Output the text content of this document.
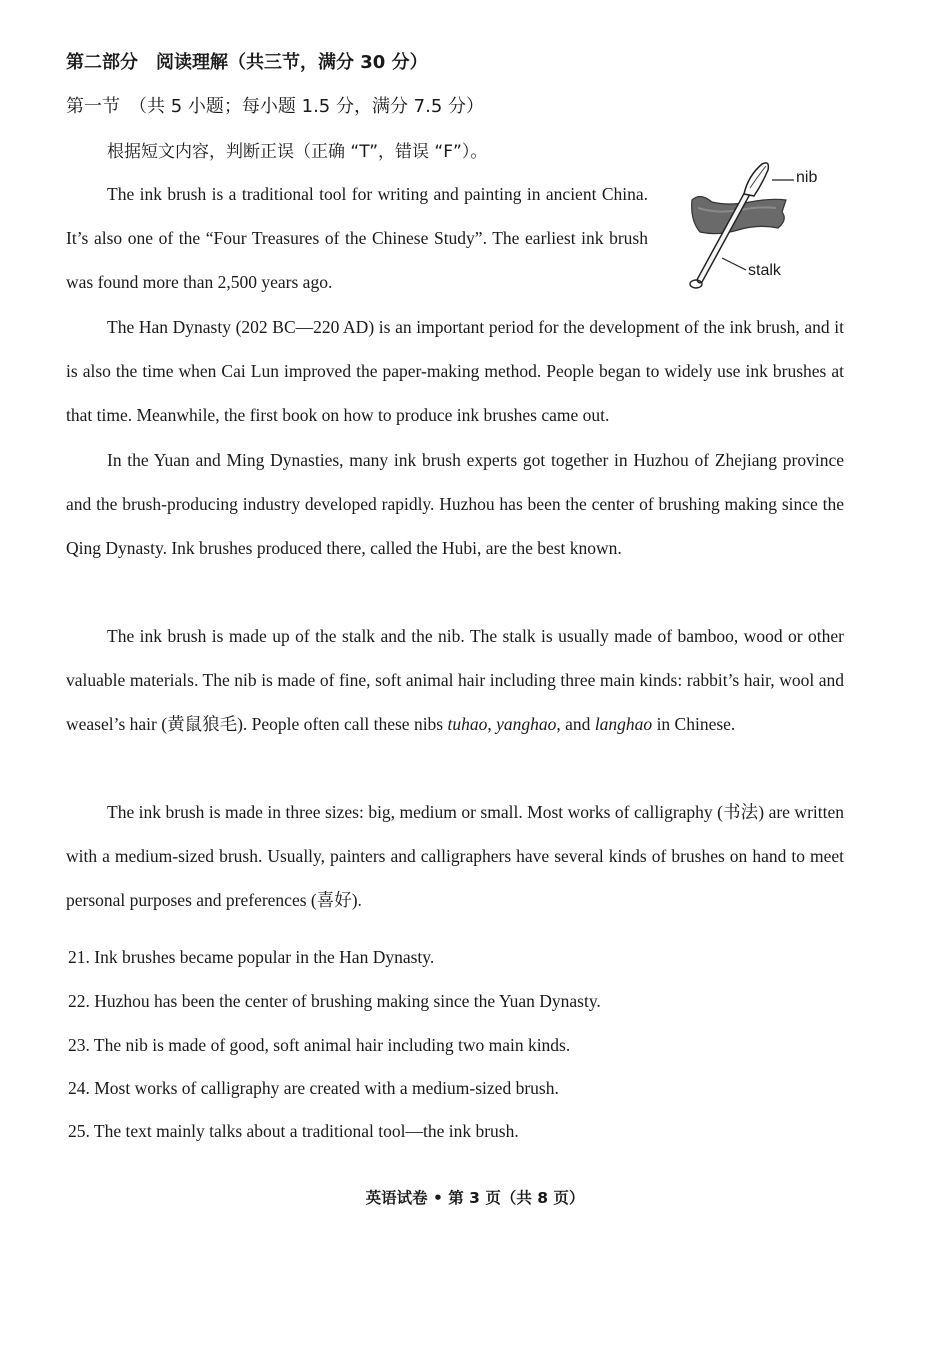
第二部分　阅读理解（共三节，满分 30 分）
第一节　（共 5 小题；每小题 1.5 分，满分 7.5 分）
根据短文内容，判断正误（正确 “T”，错误 “F”）。
nib
stalk

The ink brush is a traditional tool for writing and painting in ancient China. It’s also one of the “Four Treasures of the Chinese Study”. The earliest ink brush was found more than 2,500 years ago.

The Han Dynasty (202 BC—220 AD) is an important period for the development of the ink brush, and it is also the time when Cai Lun improved the paper-making method. People began to widely use ink brushes at that time. Meanwhile, the first book on how to produce ink brushes came out.

In the Yuan and Ming Dynasties, many ink brush experts got together in Huzhou of Zhejiang province and the brush-producing industry developed rapidly. Huzhou has been the center of brushing making since the Qing Dynasty. Ink brushes produced there, called the Hubi, are the best known.

The ink brush is made up of the stalk and the nib. The stalk is usually made of bamboo, wood or other valuable materials. The nib is made of fine, soft animal hair including three main kinds: rabbit’s hair, wool and weasel’s hair (黄鼠狼毛). People often call these nibs tuhao, yanghao, and langhao in Chinese.

The ink brush is made in three sizes: big, medium or small. Most works of calligraphy (书法) are written with a medium-sized brush. Usually, painters and calligraphers have several kinds of brushes on hand to meet personal purposes and preferences (喜好).

21. Ink brushes became popular in the Han Dynasty.
22. Huzhou has been the center of brushing making since the Yuan Dynasty.
23. The nib is made of good, soft animal hair including two main kinds.
24. Most works of calligraphy are created with a medium-sized brush.
25. The text mainly talks about a traditional tool—the ink brush.
英语试卷 • 第 3 页（共 8 页）
